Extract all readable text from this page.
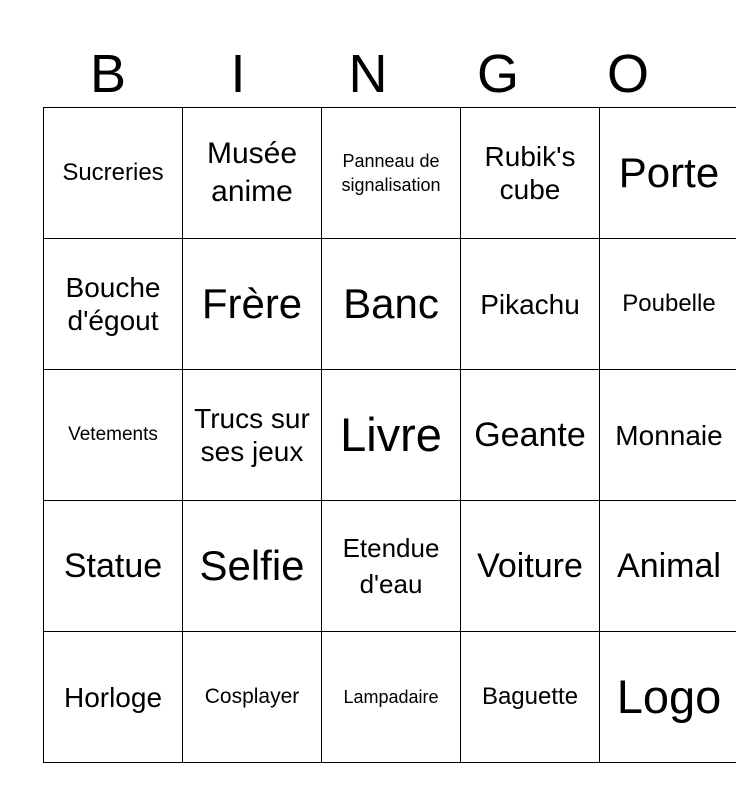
B	I	N	G	O
Sucreries	Musée anime	Panneau de signalisation	Rubik's cube	Porte
Bouche d'égout	Frère	Banc	Pikachu	Poubelle
Vetements	Trucs sur ses jeux	Livre	Geante	Monnaie
Statue	Selfie	Etendue d'eau	Voiture	Animal
Horloge	Cosplayer	Lampadaire	Baguette	Logo
